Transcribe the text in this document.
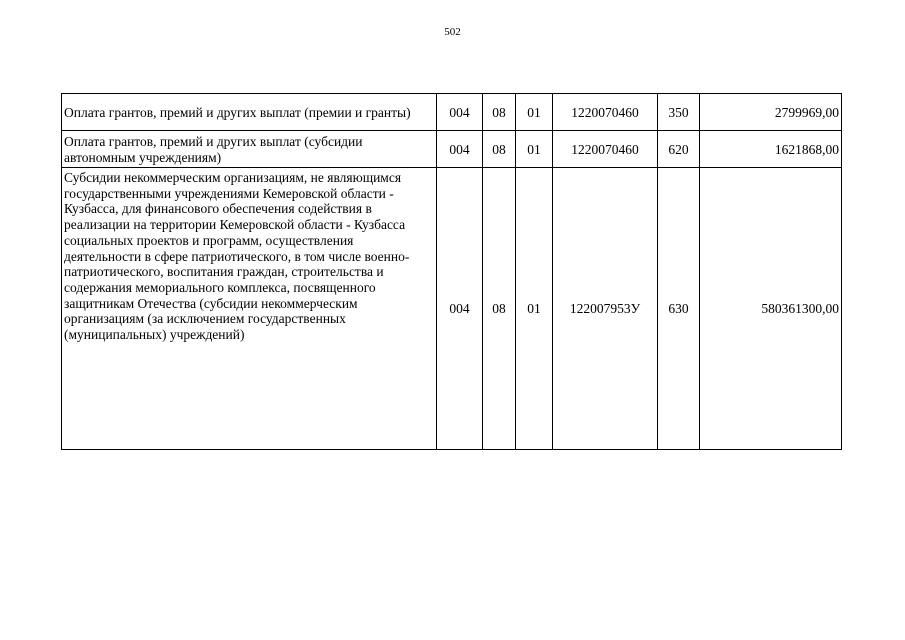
502
Оплата грантов, премий и других выплат (премии и гранты)	004	08	01	1220070460	350	2799969,00
Оплата грантов, премий и других выплат (субсидии автономным учреждениям)	004	08	01	1220070460	620	1621868,00
Субсидии некоммерческим организациям, не являющимся государственными учреждениями Кемеровской области - Кузбасса, для финансового обеспечения содействия в реализации на территории Кемеровской области - Кузбасса социальных проектов и программ, осуществления деятельности в сфере патриотического, в том числе военно-патриотического, воспитания граждан, строительства и содержания мемориального комплекса, посвященного защитникам Отечества (субсидии некоммерческим организациям (за исключением государственных (муниципальных) учреждений)	004	08	01	122007953У	630	580361300,00
